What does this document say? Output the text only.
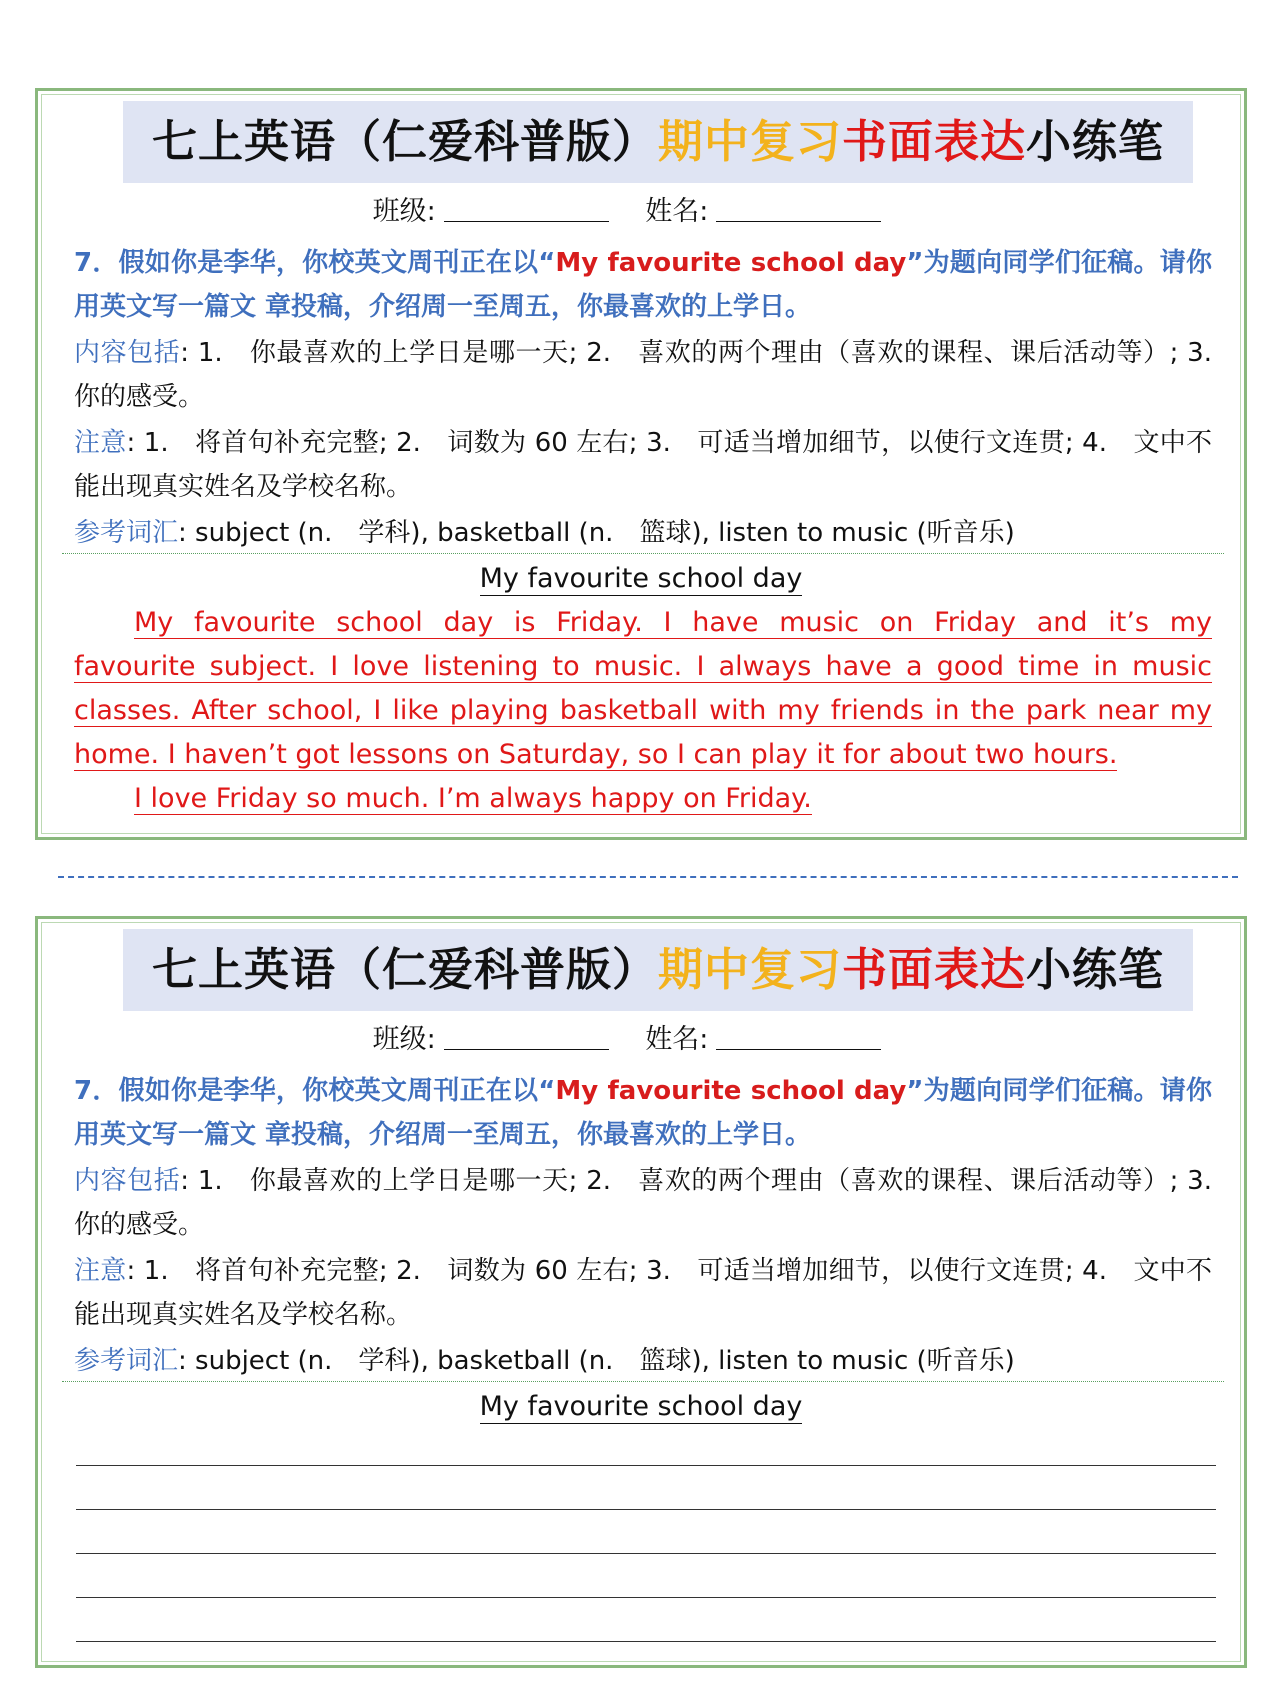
七上英语（仁爱科普版）期中复习书面表达小练笔
班级:	姓名:
7．假如你是李华，你校英文周刊正在以“My favourite school day”为题向同学们征稿。请你用英文写一篇文 章投稿，介绍周一至周五，你最喜欢的上学日。
内容包括: 1.　你最喜欢的上学日是哪一天; 2.　喜欢的两个理由（喜欢的课程、课后活动等）; 3.　你的感受。
注意: 1.　将首句补充完整; 2.　词数为 60 左右; 3.　可适当增加细节，以使行文连贯; 4.　文中不能出现真实姓名及学校名称。
参考词汇: subject (n.　学科), basketball (n.　篮球), listen to music (听音乐)
My favourite school day
My favourite school day is Friday. I have music on Friday and it’s my
favourite subject. I love listening to music. I always have a good time in music
classes. After school, I like playing basketball with my friends in the park near my
home. I haven’t got lessons on Saturday, so I can play it for about two hours.
I love Friday so much. I’m always happy on Friday.
七上英语（仁爱科普版）期中复习书面表达小练笔
班级:	姓名:
7．假如你是李华，你校英文周刊正在以“My favourite school day”为题向同学们征稿。请你用英文写一篇文 章投稿，介绍周一至周五，你最喜欢的上学日。
内容包括: 1.　你最喜欢的上学日是哪一天; 2.　喜欢的两个理由（喜欢的课程、课后活动等）; 3.　你的感受。
注意: 1.　将首句补充完整; 2.　词数为 60 左右; 3.　可适当增加细节，以使行文连贯; 4.　文中不能出现真实姓名及学校名称。
参考词汇: subject (n.　学科), basketball (n.　篮球), listen to music (听音乐)
My favourite school day
